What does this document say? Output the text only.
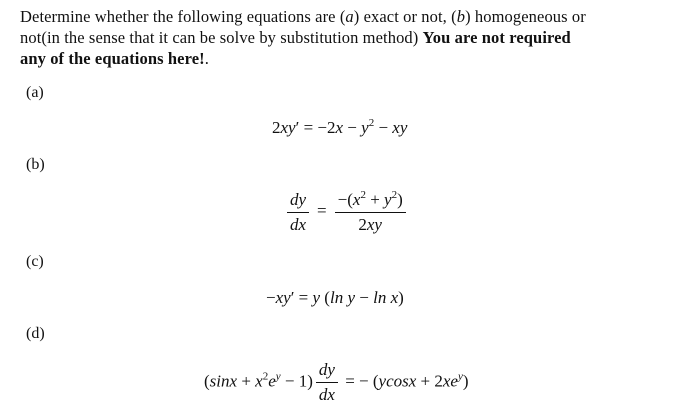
Determine whether the following equations are (a) exact or not, (b) homogeneous or
not(in the sense that it can be solve by substitution method) You are not required
any of the equations here!.
(a)
$2xy' = -2x - y^2$ − xy
(b)
$\frac{dy}{dx} = \frac{-(x^2 + y^2)}{2xy}$
(c)
−xy′ = y (ln y − ln x)
(d)
$(\sin x + x^2e^y - 1) \frac{dy}{dx}$ = − $(ycosx + 2xe^y)$
